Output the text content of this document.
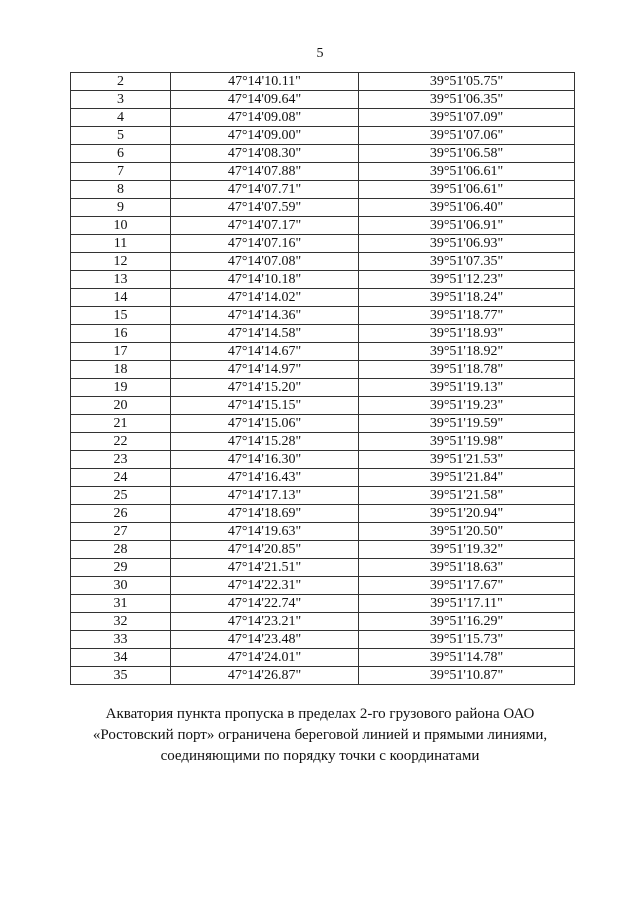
5
2	47°14'10.11"	39°51'05.75"
3	47°14'09.64"	39°51'06.35"
4	47°14'09.08"	39°51'07.09"
5	47°14'09.00"	39°51'07.06"
6	47°14'08.30"	39°51'06.58"
7	47°14'07.88"	39°51'06.61"
8	47°14'07.71"	39°51'06.61"
9	47°14'07.59"	39°51'06.40"
10	47°14'07.17"	39°51'06.91"
11	47°14'07.16"	39°51'06.93"
12	47°14'07.08"	39°51'07.35"
13	47°14'10.18"	39°51'12.23"
14	47°14'14.02"	39°51'18.24"
15	47°14'14.36"	39°51'18.77"
16	47°14'14.58"	39°51'18.93"
17	47°14'14.67"	39°51'18.92"
18	47°14'14.97"	39°51'18.78"
19	47°14'15.20"	39°51'19.13"
20	47°14'15.15"	39°51'19.23"
21	47°14'15.06"	39°51'19.59"
22	47°14'15.28"	39°51'19.98"
23	47°14'16.30"	39°51'21.53"
24	47°14'16.43"	39°51'21.84"
25	47°14'17.13"	39°51'21.58"
26	47°14'18.69"	39°51'20.94"
27	47°14'19.63"	39°51'20.50"
28	47°14'20.85"	39°51'19.32"
29	47°14'21.51"	39°51'18.63"
30	47°14'22.31"	39°51'17.67"
31	47°14'22.74"	39°51'17.11"
32	47°14'23.21"	39°51'16.29"
33	47°14'23.48"	39°51'15.73"
34	47°14'24.01"	39°51'14.78"
35	47°14'26.87"	39°51'10.87"
Акватория пункта пропуска в пределах 2-го грузового района ОАО
«Ростовский порт» ограничена береговой линией и прямыми линиями,
соединяющими по порядку точки с координатами
